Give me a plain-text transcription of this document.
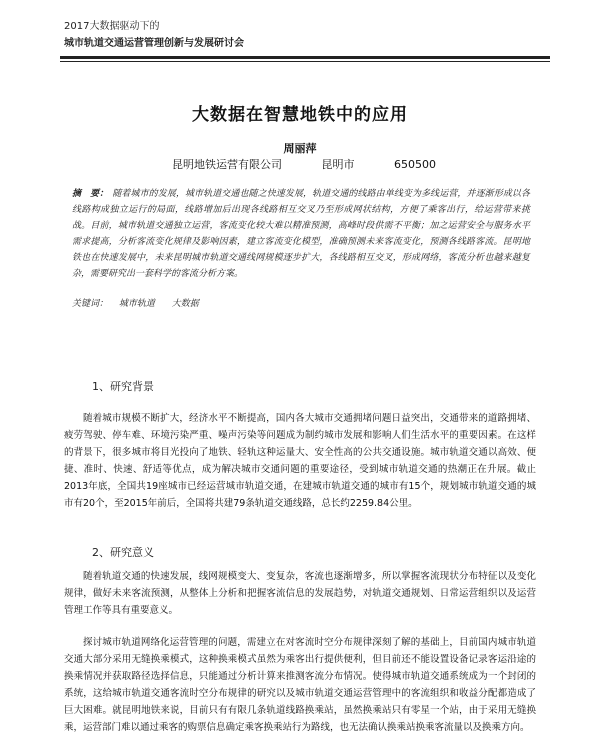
2017大数据驱动下的
城市轨道交通运营管理创新与发展研讨会
大数据在智慧地铁中的应用
周丽萍
昆明地铁运营有限公司	昆明市	650500
摘　要： 随着城市的发展，城市轨道交通也随之快速发展，轨道交通的线路由单线变为多线运营，并逐渐形成以各线路构成独立运行的局面，线路增加后出现各线路相互交叉乃至形成网状结构，方便了乘客出行，给运营带来挑战。目前，城市轨道交通独立运营，客流变化较大难以精准预测，高峰时段供需不平衡；加之运营安全与服务水平需求提高，分析客流变化规律及影响因素，建立客流变化模型，准确预测未来客流变化，预测各线路客流。昆明地铁也在快速发展中，未来昆明城市轨道交通线网规模逐步扩大，各线路相互交叉，形成网络，客流分析也越来越复杂，需要研究出一套科学的客流分析方案。
关键词： 城市轨道 大数据
1、研究背景
随着城市规模不断扩大，经济水平不断提高，国内各大城市交通拥堵问题日益突出，交通带来的道路拥堵、疲劳驾驶、停车难、环境污染严重、噪声污染等问题成为制约城市发展和影响人们生活水平的重要因素。在这样的背景下，很多城市将目光投向了地铁、轻轨这种运量大、安全性高的公共交通设施。城市轨道交通以高效、便捷、准时、快速、舒适等优点，成为解决城市交通问题的重要途径，受到城市轨道交通的热潮正在升展。截止2013年底，全国共19座城市已经运营城市轨道交通，在建城市轨道交通的城市有15个，规划城市轨道交通的城市有20个，至2015年前后，全国将共建79条轨道交通线路，总长约2259.84公里。
2、研究意义
随着轨道交通的快速发展，线网规模变大、变复杂，客流也逐渐增多，所以掌握客流现状分布特征以及变化规律，做好未来客流预测，从整体上分析和把握客流信息的发展趋势，对轨道交通规划、日常运营组织以及运营管理工作等具有重要意义。
探讨城市轨道网络化运营管理的问题，需建立在对客流时空分布规律深刻了解的基础上，目前国内城市轨道交通大部分采用无缝换乘模式，这种换乘模式虽然为乘客出行提供便利，但目前还不能设置设备记录客运沿途的换乘情况并获取路径选择信息，只能通过分析计算来推测客流分布情况。使得城市轨道交通系统成为一个封闭的系统，这给城市轨道交通客流时空分布规律的研究以及城市轨道交通运营管理中的客流组织和收益分配都造成了巨大困难。就昆明地铁来说，目前只有有限几条轨道线路换乘站，虽然换乘站只有零星一个站，由于采用无缝换乘，运营部门难以通过乘客的购票信息确定乘客换乘站行为路线，也无法确认换乘站换乘客流量以及换乘方向。
